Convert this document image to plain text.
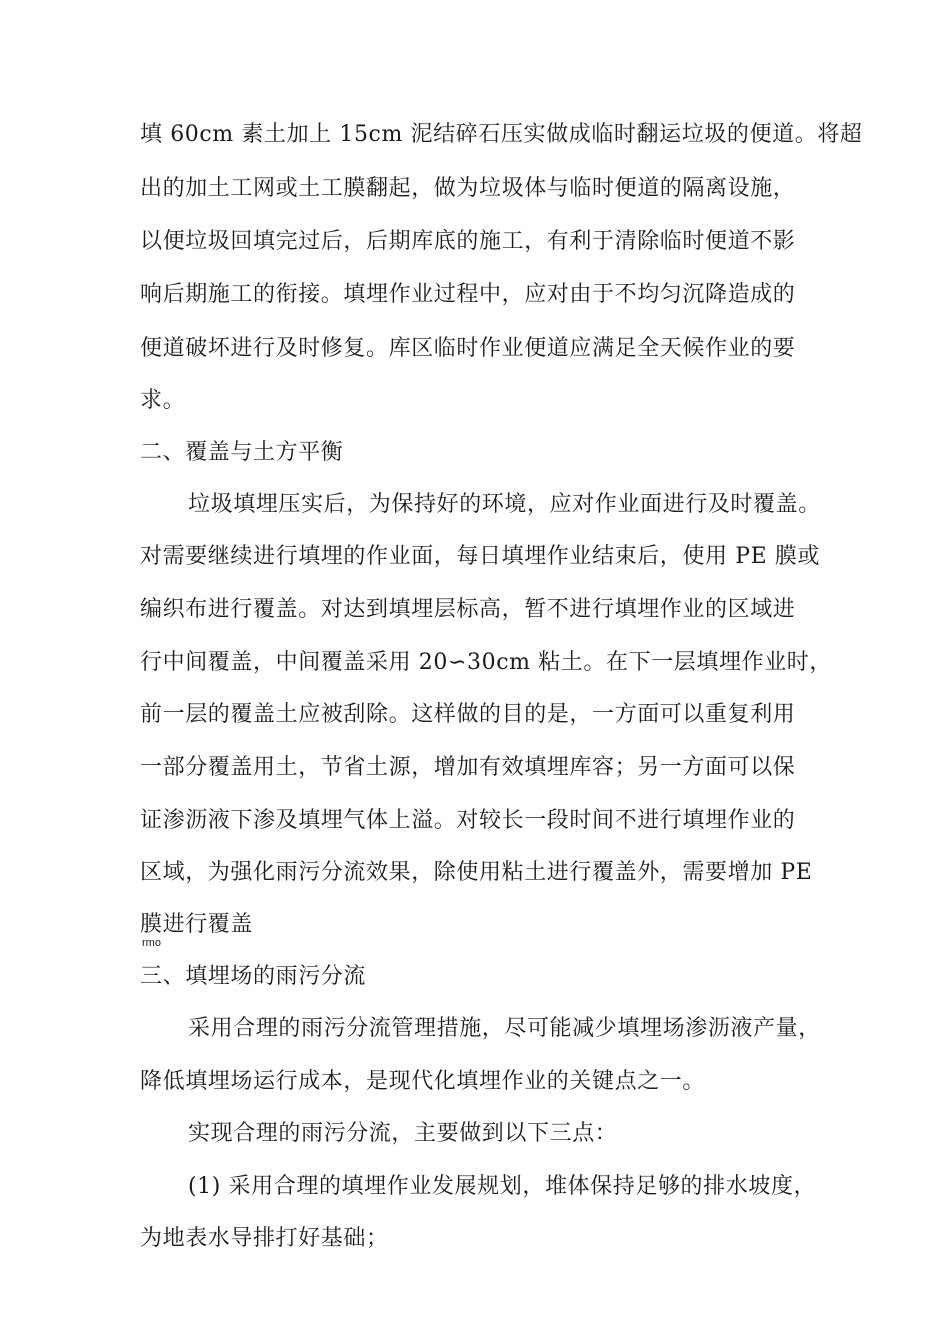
填 60cm 素土加上 15cm 泥结碎石压实做成临时翻运垃圾的便道。将超
出的加土工网或土工膜翻起，做为垃圾体与临时便道的隔离设施，
以便垃圾回填完过后，后期库底的施工，有利于清除临时便道不影
响后期施工的衔接。填埋作业过程中，应对由于不均匀沉降造成的
便道破坏进行及时修复。库区临时作业便道应满足全天候作业的要
求。
二、覆盖与土方平衡
垃圾填埋压实后，为保持好的环境，应对作业面进行及时覆盖。
对需要继续进行填埋的作业面，每日填埋作业结束后，使用 PE 膜或
编织布进行覆盖。对达到填埋层标高，暂不进行填埋作业的区域进
行中间覆盖，中间覆盖采用 20∽30cm 粘土。在下一层填埋作业时，
前一层的覆盖土应被刮除。这样做的目的是，一方面可以重复利用
一部分覆盖用土，节省土源，增加有效填埋库容；另一方面可以保
证渗沥液下渗及填埋气体上溢。对较长一段时间不进行填埋作业的
区域，为强化雨污分流效果，除使用粘土进行覆盖外，需要增加 PE
膜进行覆盖
rmo
三、填埋场的雨污分流
采用合理的雨污分流管理措施，尽可能减少填埋场渗沥液产量，
降低填埋场运行成本，是现代化填埋作业的关键点之一。
实现合理的雨污分流，主要做到以下三点：
(1) 采用合理的填埋作业发展规划，堆体保持足够的排水坡度，
为地表水导排打好基础；
